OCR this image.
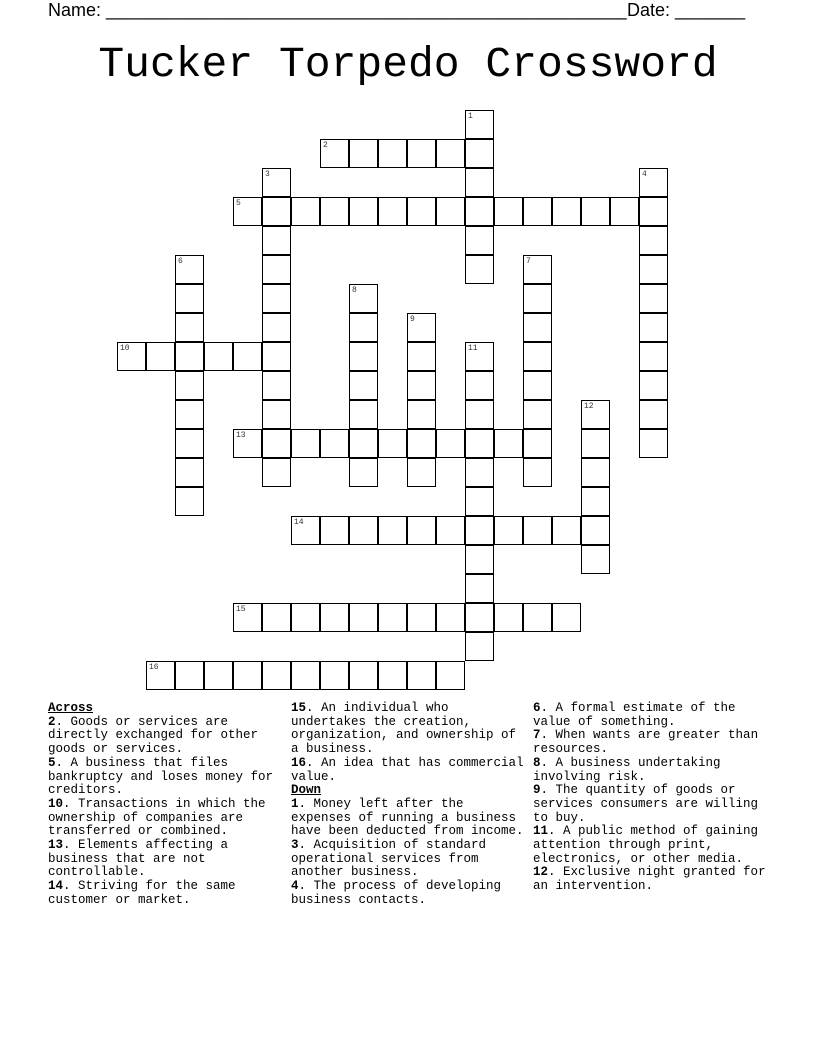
Name: ____________________________________________________ Date: _______
Tucker Torpedo Crossword
1
2
3	4
5
6	7
8
9
10	11
12
13
14
15
16
Across
2. Goods or services are directly exchanged for other goods or services.
5. A business that files bankruptcy and loses money for creditors.
10. Transactions in which the ownership of companies are transferred or combined.
13. Elements affecting a business that are not controllable.
14. Striving for the same customer or market.
15. An individual who undertakes the creation, organization, and ownership of a business.
16. An idea that has commercial value.
Down
1. Money left after the expenses of running a business have been deducted from income.
3. Acquisition of standard operational services from another business.
4. The process of developing business contacts.
6. A formal estimate of the value of something.
7. When wants are greater than resources.
8. A business undertaking involving risk.
9. The quantity of goods or services consumers are willing to buy.
11. A public method of gaining attention through print, electronics, or other media.
12. Exclusive night granted for an intervention.
